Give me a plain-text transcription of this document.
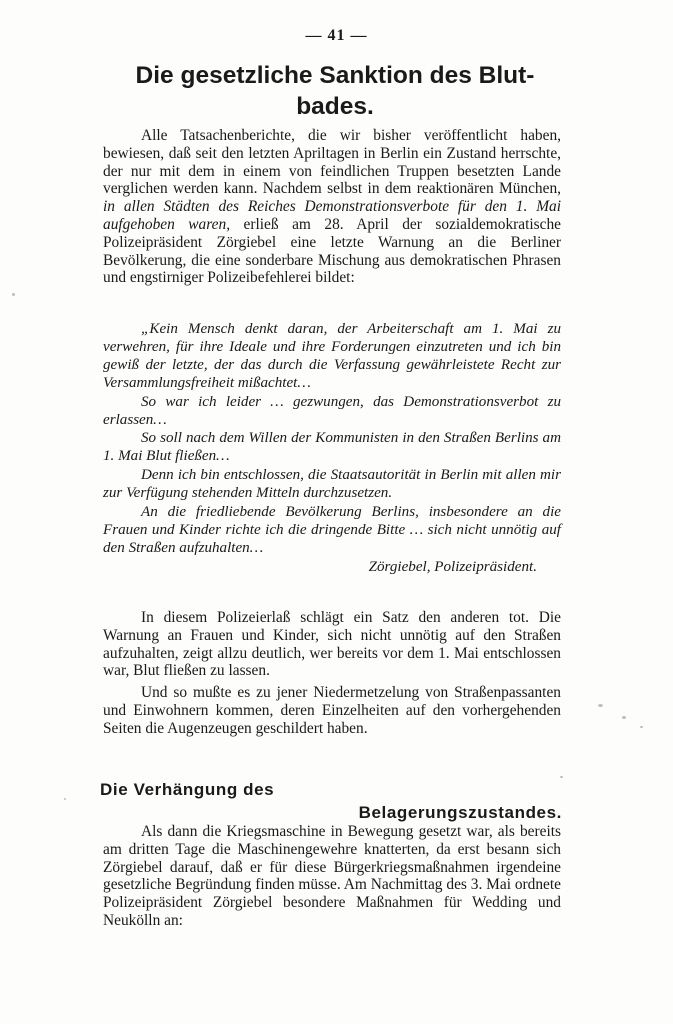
— 41 —
Die gesetzliche Sanktion des Blut-
bades.

Alle Tatsachenberichte, die wir bisher veröffentlicht haben, bewiesen, daß seit den letzten Apriltagen in Berlin ein Zustand herrschte, der nur mit dem in einem von feindlichen Truppen besetzten Lande verglichen werden kann. Nachdem selbst in dem reaktionären München, in allen Städten des Reiches Demonstrationsverbote für den 1. Mai aufgehoben waren, erließ am 28. April der sozialdemokratische Polizeipräsident Zörgiebel eine letzte Warnung an die Berliner Bevölkerung, die eine sonderbare Mischung aus demokratischen Phrasen und engstirniger Polizeibefehlerei bildet:

„Kein Mensch denkt daran, der Arbeiterschaft am 1. Mai zu verwehren, für ihre Ideale und ihre Forderungen einzutreten und ich bin gewiß der letzte, der das durch die Verfassung gewährleistete Recht zur Versammlungsfreiheit mißachtet…

So war ich leider … gezwungen, das Demonstrationsverbot zu erlassen…

So soll nach dem Willen der Kommunisten in den Straßen Berlins am 1. Mai Blut fließen…

Denn ich bin entschlossen, die Staatsautorität in Berlin mit allen mir zur Verfügung stehenden Mitteln durchzusetzen.

An die friedliebende Bevölkerung Berlins, insbesondere an die Frauen und Kinder richte ich die dringende Bitte … sich nicht unnötig auf den Straßen aufzuhalten…

Zörgiebel, Polizeipräsident.

In diesem Polizeierlaß schlägt ein Satz den anderen tot. Die Warnung an Frauen und Kinder, sich nicht unnötig auf den Straßen aufzuhalten, zeigt allzu deutlich, wer bereits vor dem 1. Mai entschlossen war, Blut fließen zu lassen.

Und so mußte es zu jener Niedermetzelung von Straßenpassanten und Einwohnern kommen, deren Einzelheiten auf den vorhergehenden Seiten die Augenzeugen geschildert haben.

Die Verhängung des
Belagerungszustandes.

Als dann die Kriegsmaschine in Bewegung gesetzt war, als bereits am dritten Tage die Maschinengewehre knatterten, da erst besann sich Zörgiebel darauf, daß er für diese Bürgerkriegsmaßnahmen irgendeine gesetzliche Begründung finden müsse. Am Nachmittag des 3. Mai ordnete Polizeipräsident Zörgiebel besondere Maßnahmen für Wedding und Neukölln an:
